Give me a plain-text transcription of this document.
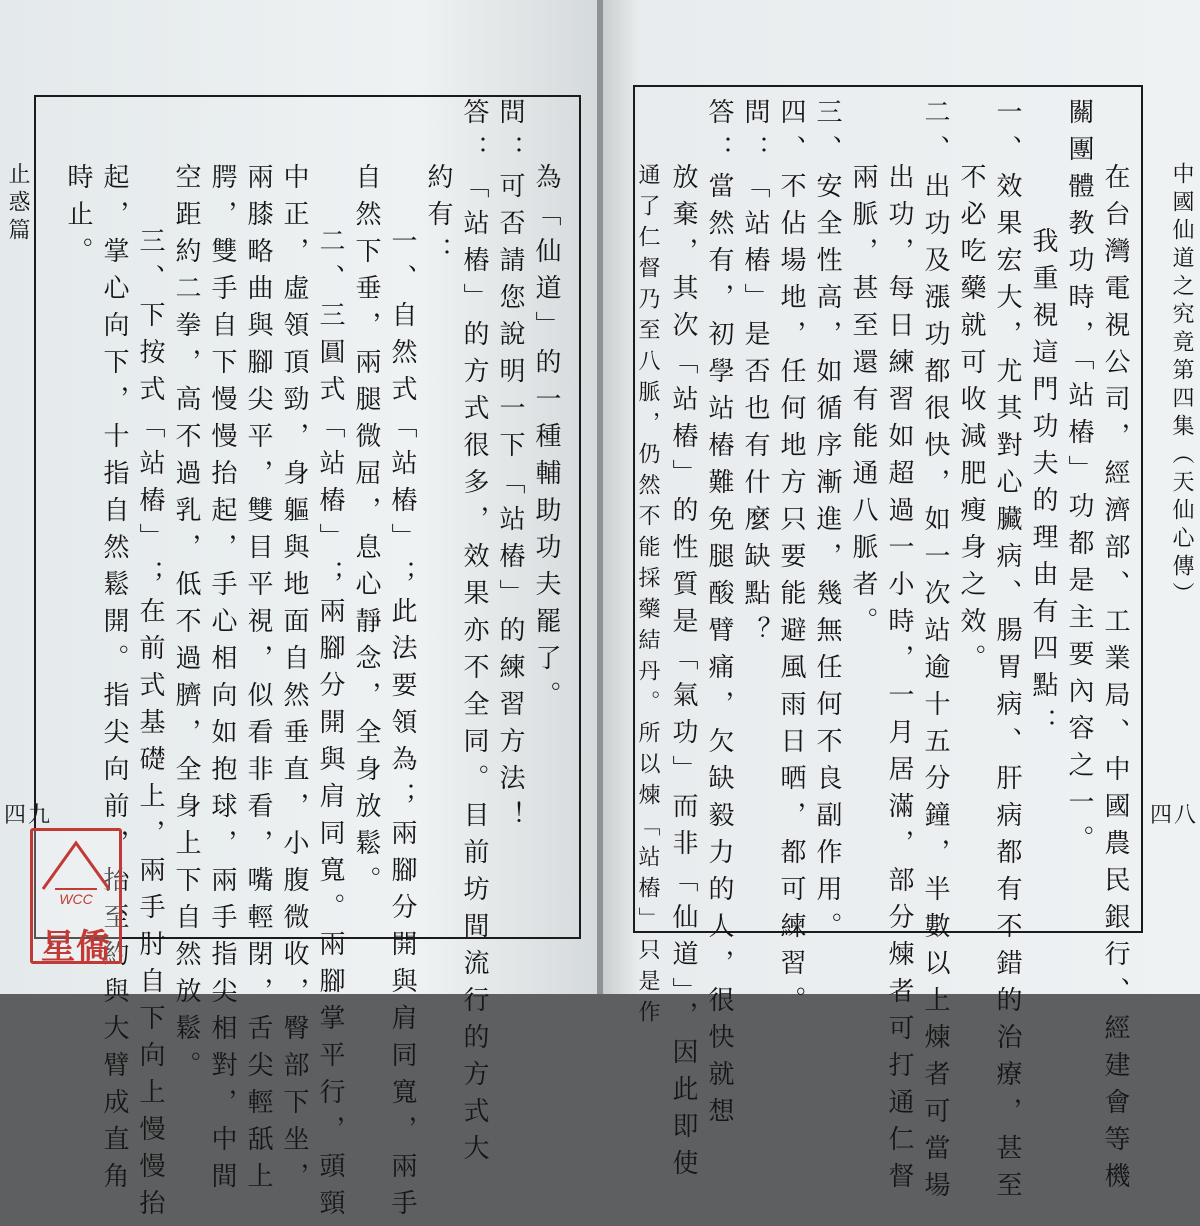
止惑篇
四九
為「仙道」的一種輔助功夫罷了。
問：可否請您說明一下「站樁」的練習方法！
答：「站樁」的方式很多，效果亦不全同。目前坊間流行的方式大
約有：
一、自然式「站樁」；此法要領為；兩腳分開與肩同寬，兩手
自然下垂，兩腿微屈，息心靜念，全身放鬆。
二、三圓式「站樁」；兩腳分開與肩同寬。兩腳掌平行，頭頸
中正，虛領頂勁，身軀與地面自然垂直，小腹微收，臀部下坐，
兩膝略曲與腳尖平，雙目平視，似看非看，嘴輕閉，舌尖輕舐上
腭，雙手自下慢慢抬起，手心相向如抱球，兩手指尖相對，中間
空距約二拳，高不過乳，低不過臍，全身上下自然放鬆。
三、下按式「站樁」；在前式基礎上，兩手肘自下向上慢慢抬
起，掌心向下，十指自然鬆開。指尖向前，抬至約與大臂成直角
時止。
WCC
星僑
中國仙道之究竟第四集（天仙心傳）
四八
在台灣電視公司，經濟部、工業局、中國農民銀行、經建會等機
關團體教功時，「站樁」功都是主要內容之一。
我重視這門功夫的理由有四點：
一、效果宏大，尤其對心臟病、腸胃病、肝病都有不錯的治療，甚至
不必吃藥就可收減肥瘦身之效。
二、出功及漲功都很快，如一次站逾十五分鐘，半數以上煉者可當場
出功，每日練習如超過一小時，一月居滿，部分煉者可打通仁督
兩脈，甚至還有能通八脈者。
三、安全性高，如循序漸進，幾無任何不良副作用。
四、不佔場地，任何地方只要能避風雨日晒，都可練習。
問：「站樁」是否也有什麼缺點？
答：當然有，初學站樁難免腿酸臂痛，欠缺毅力的人，很快就想
放棄，其次「站樁」的性質是「氣功」而非「仙道」，因此即使
通了仁督乃至八脈，仍然不能採藥結丹。所以煉「站樁」只是作
